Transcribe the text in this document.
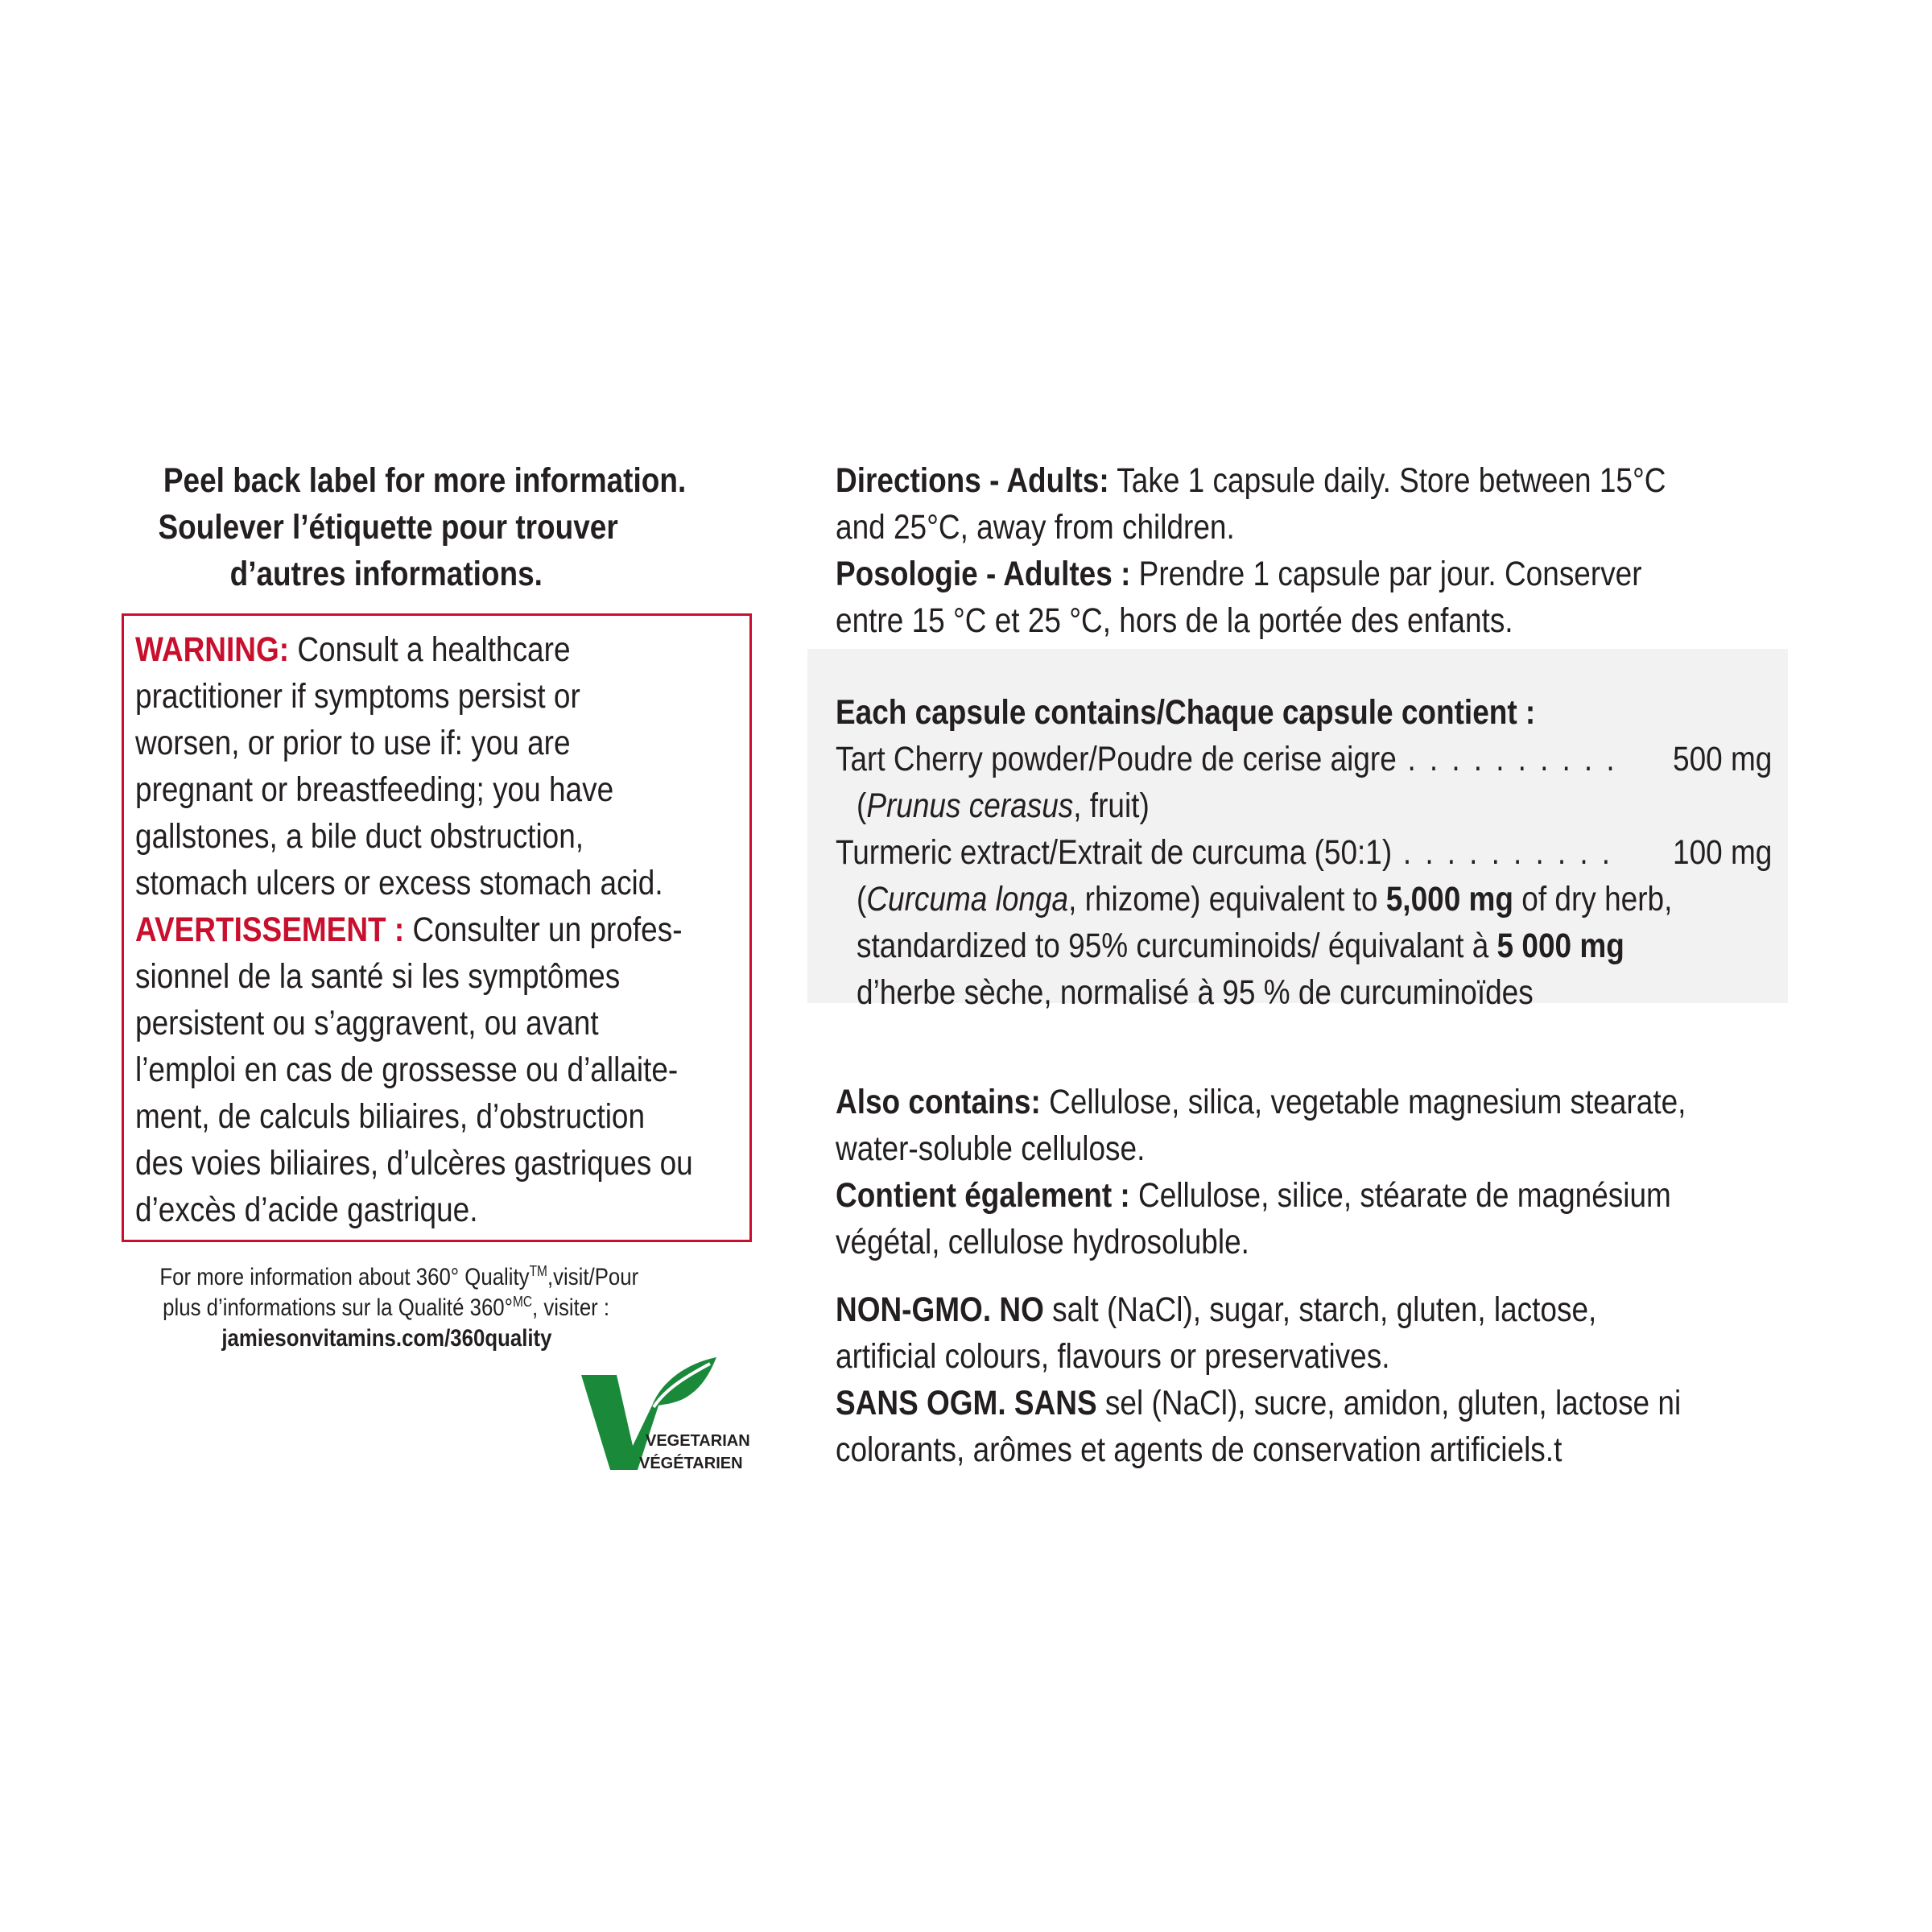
Peel back label for more information.
Soulever l’étiquette pour trouver
d’autres informations.
WARNING: Consult a healthcare
practitioner if symptoms persist or
worsen, or prior to use if: you are
pregnant or breastfeeding; you have
gallstones, a bile duct obstruction,
stomach ulcers or excess stomach acid.
AVERTISSEMENT : Consulter un profes-
sionnel de la santé si les symptômes
persistent ou s’aggravent, ou avant
l’emploi en cas de grossesse ou d’allaite-
ment, de calculs biliaires, d’obstruction
des voies biliaires, d’ulcères gastriques ou
d’excès d’acide gastrique.
For more information about 360° Quality™,visit/Pour
plus d’informations sur la Qualité 360°$^{MC}$, visiter :
jamiesonvitamins.com/360quality
VEGETARIAN
VÉGÉTARIEN
Directions - Adults: Take 1 capsule daily. Store between 15°C
and 25°C, away from children.
Posologie - Adultes : Prendre 1 capsule par jour. Conserver
entre 15 °C et 25 °C, hors de la portée des enfants.
Each capsule contains/Chaque capsule contient :
Tart Cherry powder/Poudre de cerise aigre . . . . . . . . . . 500 mg
(Prunus cerasus, fruit)
Turmeric extract/Extrait de curcuma (50:1) . . . . . . . . . . 100 mg
(Curcuma longa, rhizome) equivalent to 5,000 mg of dry herb,
standardized to 95% curcuminoids/ équivalant à 5 000 mg
d’herbe sèche, normalisé à 95 % de curcuminoïdes
Also contains: Cellulose, silica, vegetable magnesium stearate,
water-soluble cellulose.
Contient également : Cellulose, silice, stéarate de magnésium
végétal, cellulose hydrosoluble.
NON-GMO. NO salt (NaCl), sugar, starch, gluten, lactose,
artificial colours, flavours or preservatives.
SANS OGM. SANS sel (NaCl), sucre, amidon, gluten, lactose ni
colorants, arômes et agents de conservation artificiels.t
